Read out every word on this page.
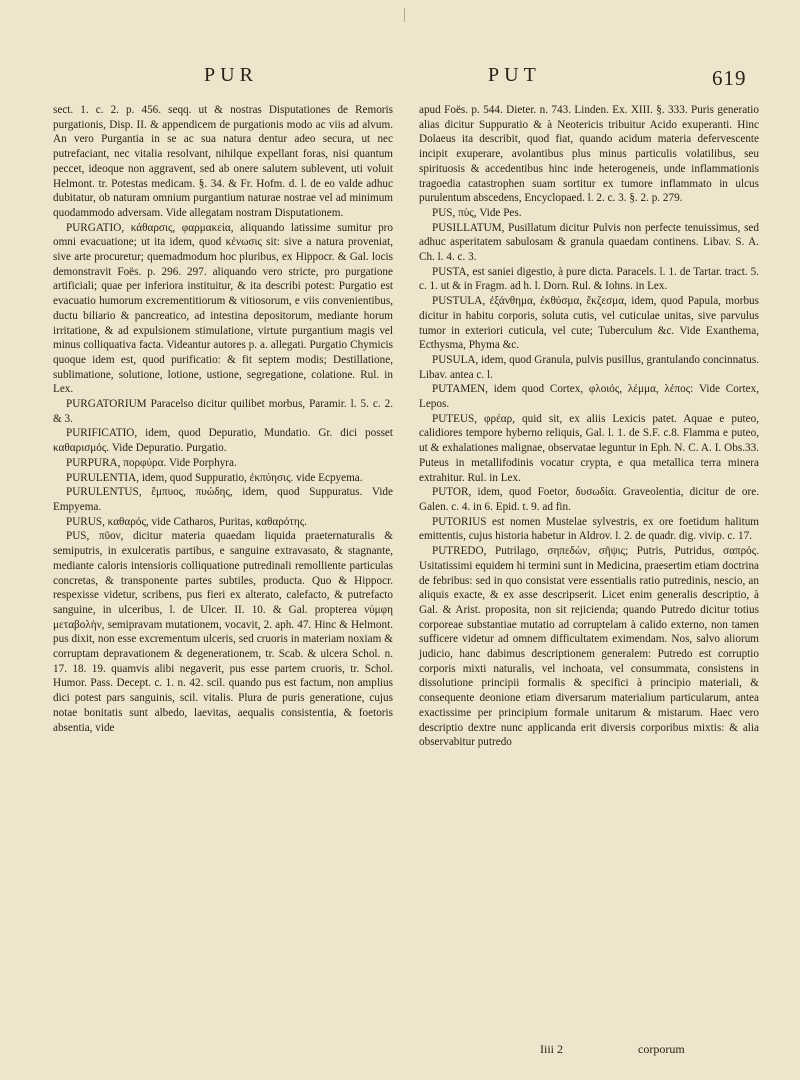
PUR	PUT	619

sect. 1. c. 2. p. 456. seqq. ut & nostras Disputationes de Remoris purgationis, Disp. II. & appendicem de purgationis modo ac viis ad alvum. An vero Purgantia in se ac sua natura dentur adeo secura, ut nec putrefaciant, nec vitalia resolvant, nihilque expellant foras, nisi quantum peccet, ideoque non aggravent, sed ab onere salutem sublevent, uti voluit Helmont. tr. Potestas medicam. §. 34. & Fr. Hofm. d. l. de eo valde adhuc dubitatur, ob naturam omnium purgantium naturae nostrae vel ad minimum quodammodo adversam. Vide allegatam nostram Disputationem.

PURGATIO, κάθαρσις, φαρμακεία, aliquando latissime sumitur pro omni evacuatione; ut ita idem, quod κένωσις sit: sive a natura proveniat, sive arte procuretur; quemadmodum hoc pluribus, ex Hippocr. & Gal. locis demonstravit Foës. p. 296. 297. aliquando vero stricte, pro purgatione artificiali; quae per inferiora instituitur, & ita describi potest: Purgatio est evacuatio humorum excrementitiorum & vitiosorum, e viis convenientibus, ductu biliario & pancreatico, ad intestina depositorum, mediante horum irritatione, & ad expulsionem stimulatione, virtute purgantium magis vel minus colliquativa facta. Videantur autores p. a. allegati. Purgatio Chymicis quoque idem est, quod purificatio: & fit septem modis; Destillatione, sublimatione, solutione, lotione, ustione, segregatione, colatione. Rul. in Lex.

PURGATORIUM Paracelso dicitur quilibet morbus, Paramir. l. 5. c. 2. & 3.

PURIFICATIO, idem, quod Depuratio, Mundatio. Gr. dici posset καθαρισμός. Vide Depuratio. Purgatio.

PURPURA, πορφύρα. Vide Porphyra.

PURULENTIA, idem, quod Suppuratio, ἐκπύησις. vide Ecpyema.

PURULENTUS, ἔμπυος, πυώδης, idem, quod Suppuratus. Vide Empyema.

PURUS, καθαρός, vide Catharos, Puritas, καθαρότης.

PUS, πῦον, dicitur materia quaedam liquida praeternaturalis & semiputris, in exulceratis partibus, e sanguine extravasato, & stagnante, mediante caloris intensioris colliquatione putredinali remolliente particulas concretas, & transponente partes subtiles, producta. Quo & Hippocr. respexisse videtur, scribens, pus fieri ex alterato, calefacto, & putrefacto sanguine, in ulceribus, l. de Ulcer. II. 10. & Gal. propterea νύμφη μεταβολὴν, semipravam mutationem, vocavit, 2. aph. 47. Hinc & Helmont. pus dixit, non esse excrementum ulceris, sed cruoris in materiam noxiam & corruptam depravationem & degenerationem, tr. Scab. & ulcera Schol. n. 17. 18. 19. quamvis alibi negaverit, pus esse partem cruoris, tr. Schol. Humor. Pass. Decept. c. 1. n. 42. scil. quando pus est factum, non amplius dici potest pars sanguinis, scil. vitalis. Plura de puris generatione, cujus notae bonitatis sunt albedo, laevitas, aequalis consistentia, & foetoris absentia, vide

apud Foës. p. 544. Dieter. n. 743. Linden. Ex. XIII. §. 333. Puris generatio alias dicitur Suppuratio & à Neotericis tribuitur Acido exuperanti. Hinc Dolaeus ita describit, quod fiat, quando acidum materia defervescente incipit exuperare, avolantibus plus minus particulis volatilibus, seu spirituosis & accedentibus hinc inde heterogeneis, unde inflammationis tragoedia catastrophen suam sortitur ex tumore inflammato in ulcus purulentum abscedens, Encyclopaed. l. 2. c. 3. §. 2. p. 279.

PUS, πὺς, Vide Pes.

PUSILLATUM, Pusillatum dicitur Pulvis non perfecte tenuissimus, sed adhuc asperitatem sabulosam & granula quaedam continens. Libav. S. A. Ch. l. 4. c. 3.

PUSTA, est saniei digestio, à pure dicta. Paracels. l. 1. de Tartar. tract. 5. c. 1. ut & in Fragm. ad h. l. Dorn. Rul. & Iohns. in Lex.

PUSTULA, ἐξάνθημα, ἐκθύσμα, ἔκζεσμα, idem, quod Papula, morbus dicitur in habitu corporis, soluta cutis, vel cuticulae unitas, sive parvulus tumor in exteriori cuticula, vel cute; Tuberculum &c. Vide Exanthema, Ecthysma, Phyma &c.

PUSULA, idem, quod Granula, pulvis pusillus, grantulando concinnatus. Libav. antea c. l.

PUTAMEN, idem quod Cortex, φλοιός, λέμμα, λέπος: Vide Cortex, Lepos.

PUTEUS, φρέαρ, quid sit, ex aliis Lexicis patet. Aquae e puteo, calidiores tempore hyberno reliquis, Gal. l. 1. de S.F. c.8. Flamma e puteo, ut & exhalationes malignae, observatae leguntur in Eph. N. C. A. I. Obs.33. Puteus in metallifodinis vocatur crypta, e qua metallica terra minera extrahitur. Rul. in Lex.

PUTOR, idem, quod Foetor, δυσωδία. Graveolentia, dicitur de ore. Galen. c. 4. in 6. Epid. t. 9. ad fin.

PUTORIUS est nomen Mustelae sylvestris, ex ore foetidum halitum emittentis, cujus historia habetur in Aldrov. l. 2. de quadr. dig. vivip. c. 17.

PUTREDO, Putrilago, σηπεδὼν, σῆψις; Putris, Putridus, σαπρός. Usitatissimi equidem hi termini sunt in Medicina, praesertim etiam doctrina de febribus: sed in quo consistat vere essentialis ratio putredinis, nescio, an aliquis exacte, & ex asse descripserit. Licet enim generalis descriptio, à Gal. & Arist. proposita, non sit rejicienda; quando Putredo dicitur totius corporeae substantiae mutatio ad corruptelam à calido externo, non tamen sufficere videtur ad omnem difficultatem eximendam. Nos, salvo aliorum judicio, hanc dabimus descriptionem generalem: Putredo est corruptio corporis mixti naturalis, vel inchoata, vel consummata, consistens in dissolutione principii formalis & specifici à principio materiali, & consequente deonione etiam diversarum materialium particularum, antea exactissime per principium formale unitarum & mistarum. Haec vero descriptio dextre nunc applicanda erit diversis corporibus mixtis: & alia observabitur putredo

Iiii 2	corporum
